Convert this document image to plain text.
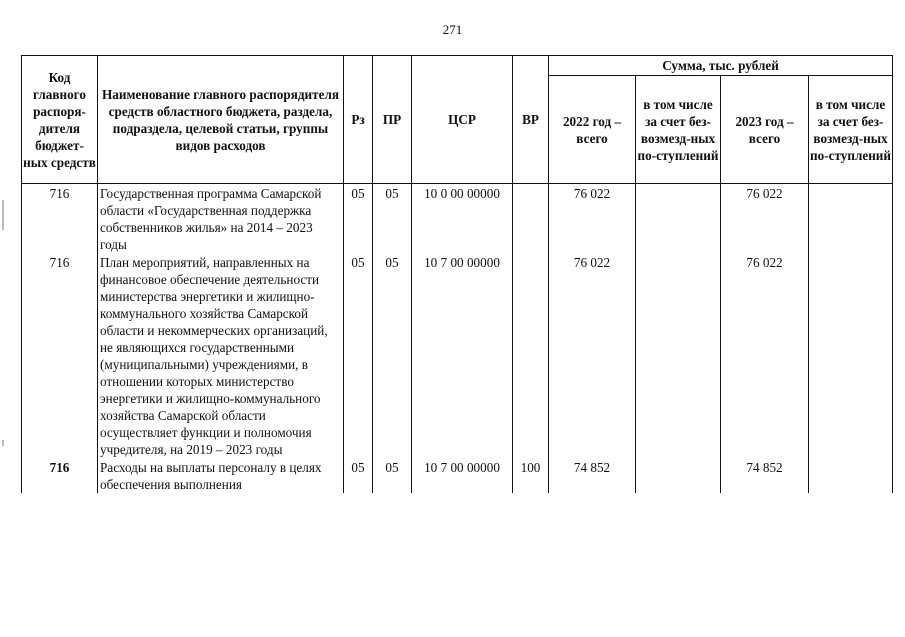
271
Код главного распоря-дителя бюджет-ных средств	Наименование главного распорядителя средств областного бюджета, раздела, подраздела, целевой статьи, группы видов расходов	Рз	ПР	ЦСР	ВР	Сумма, тыс. рублей			
						2022 год – всего	в том числе за счет без-возмезд-ных по-ступлений	2023 год – всего	в том числе за счет без-возмезд-ных по-ступлений
716	Государственная программа Самарской области «Государственная поддержка собственников жилья» на 2014 – 2023 годы	05	05	10 0 00 00000		76 022		76 022	
716	План мероприятий, направленных на финансовое обеспечение деятельности министерства энергетики и жилищно-коммунального хозяйства Самарской области и некоммерческих организаций, не являющихся государственными (муниципальными) учреждениями, в отношении которых министерство энергетики и жилищно-коммунального хозяйства Самарской области осуществляет функции и полномочия учредителя, на 2019 – 2023 годы	05	05	10 7 00 00000		76 022		76 022	
716	Расходы на выплаты персоналу в целях обеспечения выполнения	05	05	10 7 00 00000	100	74 852		74 852	
